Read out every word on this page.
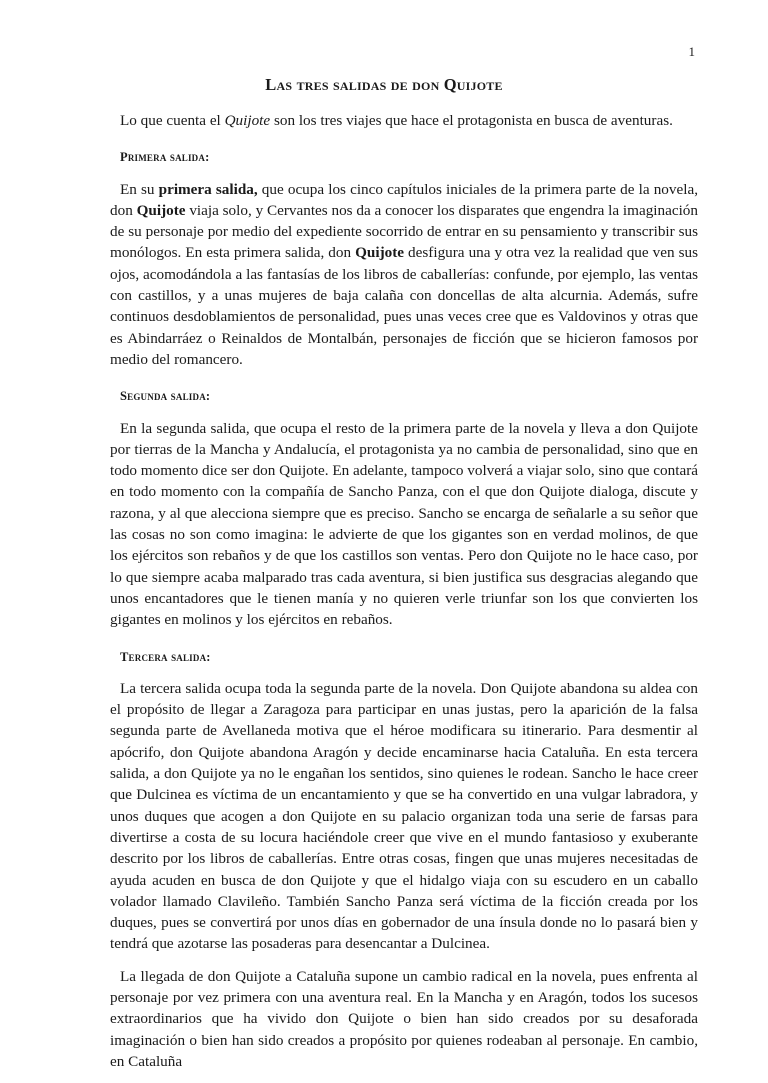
1
Las tres salidas de don Quijote

Lo que cuenta el Quijote son los tres viajes que hace el protagonista en busca de aventuras.

Primera salida:

En su primera salida, que ocupa los cinco capítulos iniciales de la primera parte de la novela, don Quijote viaja solo, y Cervantes nos da a conocer los disparates que engendra la imaginación de su personaje por medio del expediente socorrido de entrar en su pensamiento y transcribir sus monólogos. En esta primera salida, don Quijote desfigura una y otra vez la realidad que ven sus ojos, acomodándola a las fantasías de los libros de caballerías: confunde, por ejemplo, las ventas con castillos, y a unas mujeres de baja calaña con doncellas de alta alcurnia. Además, sufre continuos desdoblamientos de personalidad, pues unas veces cree que es Valdovinos y otras que es Abindarráez o Reinaldos de Montalbán, personajes de ficción que se hicieron famosos por medio del romancero.

Segunda salida:

En la segunda salida, que ocupa el resto de la primera parte de la novela y lleva a don Quijote por tierras de la Mancha y Andalucía, el protagonista ya no cambia de personalidad, sino que en todo momento dice ser don Quijote. En adelante, tampoco volverá a viajar solo, sino que contará en todo momento con la compañía de Sancho Panza, con el que don Quijote dialoga, discute y razona, y al que alecciona siempre que es preciso. Sancho se encarga de señalarle a su señor que las cosas no son como imagina: le advierte de que los gigantes son en verdad molinos, de que los ejércitos son rebaños y de que los castillos son ventas. Pero don Quijote no le hace caso, por lo que siempre acaba malparado tras cada aventura, si bien justifica sus desgracias alegando que unos encantadores que le tienen manía y no quieren verle triunfar son los que convierten los gigantes en molinos y los ejércitos en rebaños.

Tercera salida:

La tercera salida ocupa toda la segunda parte de la novela. Don Quijote abandona su aldea con el propósito de llegar a Zaragoza para participar en unas justas, pero la aparición de la falsa segunda parte de Avellaneda motiva que el héroe modificara su itinerario. Para desmentir al apócrifo, don Quijote abandona Aragón y decide encaminarse hacia Cataluña. En esta tercera salida, a don Quijote ya no le engañan los sentidos, sino quienes le rodean. Sancho le hace creer que Dulcinea es víctima de un encantamiento y que se ha convertido en una vulgar labradora, y unos duques que acogen a don Quijote en su palacio organizan toda una serie de farsas para divertirse a costa de su locura haciéndole creer que vive en el mundo fantasioso y exuberante descrito por los libros de caballerías. Entre otras cosas, fingen que unas mujeres necesitadas de ayuda acuden en busca de don Quijote y que el hidalgo viaja con su escudero en un caballo volador llamado Clavileño. También Sancho Panza será víctima de la ficción creada por los duques, pues se convertirá por unos días en gobernador de una ínsula donde no lo pasará bien y tendrá que azotarse las posaderas para desencantar a Dulcinea.

La llegada de don Quijote a Cataluña supone un cambio radical en la novela, pues enfrenta al personaje por vez primera con una aventura real. En la Mancha y en Aragón, todos los sucesos extraordinarios que ha vivido don Quijote o bien han sido creados por su desaforada imaginación o bien han sido creados a propósito por quienes rodeaban al personaje. En cambio, en Cataluña
